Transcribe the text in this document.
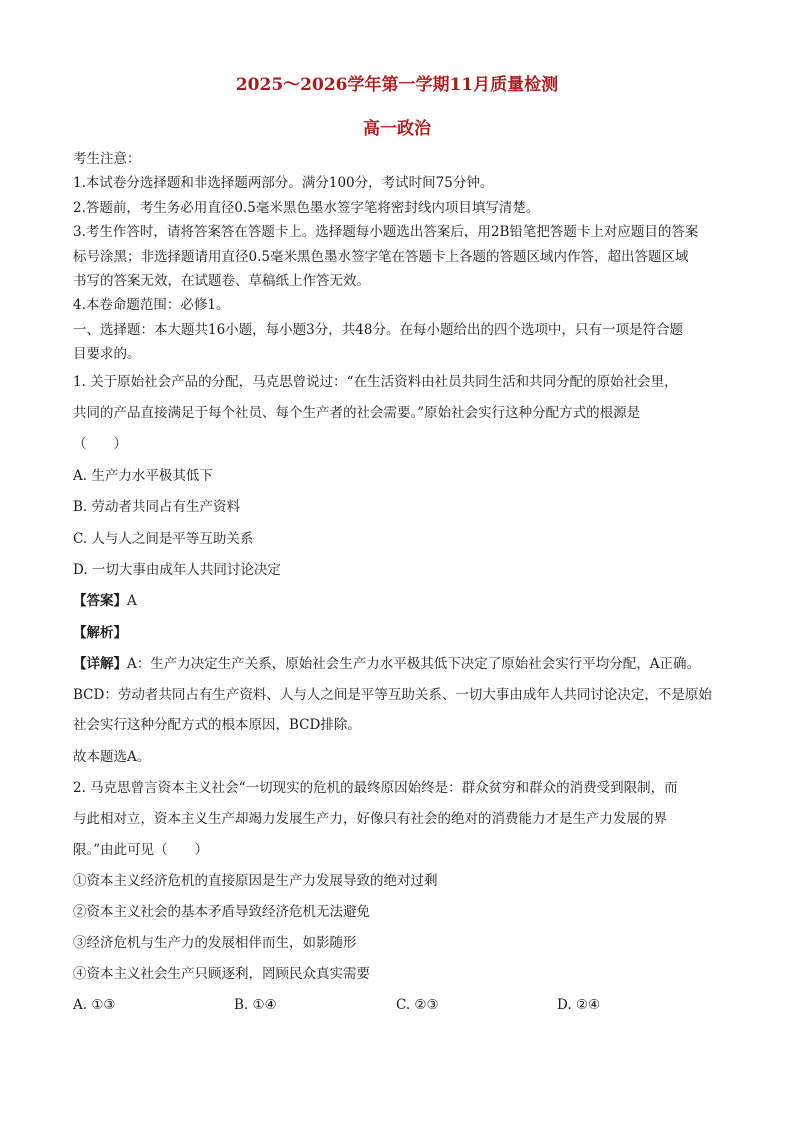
2025～2026学年第一学期11月质量检测
高一政治
考生注意：
1.本试卷分选择题和非选择题两部分。满分100分，考试时间75分钟。
2.答题前，考生务必用直径0.5毫米黑色墨水签字笔将密封线内项目填写清楚。
3.考生作答时，请将答案答在答题卡上。选择题每小题选出答案后，用2B铅笔把答题卡上对应题目的答案
标号涂黑；非选择题请用直径0.5毫米黑色墨水签字笔在答题卡上各题的答题区域内作答，超出答题区域
书写的答案无效，在试题卷、草稿纸上作答无效。
4.本卷命题范围：必修1。
一、选择题：本大题共16小题，每小题3分，共48分。在每小题给出的四个选项中，只有一项是符合题
目要求的。
1. 关于原始社会产品的分配，马克思曾说过：“在生活资料由社员共同生活和共同分配的原始社会里，
共同的产品直接满足于每个社员、每个生产者的社会需要。”原始社会实行这种分配方式的根源是
（　　）
A. 生产力水平极其低下
B. 劳动者共同占有生产资料
C. 人与人之间是平等互助关系
D. 一切大事由成年人共同讨论决定
【答案】A
【解析】
【详解】A：生产力决定生产关系，原始社会生产力水平极其低下决定了原始社会实行平均分配，A正确。
BCD：劳动者共同占有生产资料、人与人之间是平等互助关系、一切大事由成年人共同讨论决定，不是原始
社会实行这种分配方式的根本原因，BCD排除。
故本题选A。
2. 马克思曾言资本主义社会“一切现实的危机的最终原因始终是：群众贫穷和群众的消费受到限制，而
与此相对立，资本主义生产却竭力发展生产力，好像只有社会的绝对的消费能力才是生产力发展的界
限。”由此可见（　　）
①资本主义经济危机的直接原因是生产力发展导致的绝对过剩
②资本主义社会的基本矛盾导致经济危机无法避免
③经济危机与生产力的发展相伴而生，如影随形
④资本主义社会生产只顾逐利，罔顾民众真实需要
A. ①③	B. ①④	C. ②③	D. ②④
